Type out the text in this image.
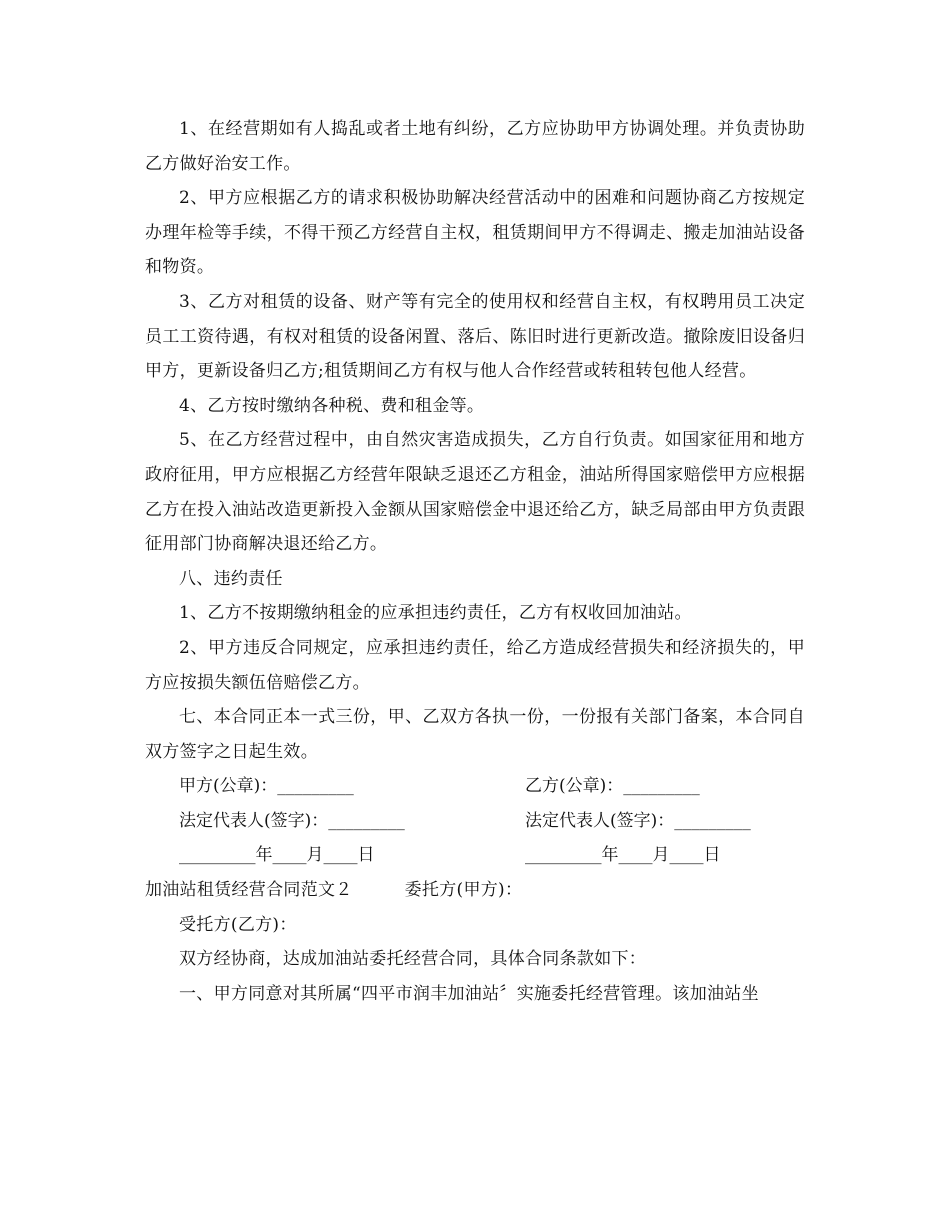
1、在经营期如有人捣乱或者土地有纠纷，乙方应协助甲方协调处理。并负责协助乙方做好治安工作。

2、甲方应根据乙方的请求积极协助解决经营活动中的困难和问题协商乙方按规定办理年检等手续，不得干预乙方经营自主权，租赁期间甲方不得调走、搬走加油站设备和物资。

3、乙方对租赁的设备、财产等有完全的使用权和经营自主权，有权聘用员工决定员工工资待遇，有权对租赁的设备闲置、落后、陈旧时进行更新改造。撤除废旧设备归甲方，更新设备归乙方;租赁期间乙方有权与他人合作经营或转租转包他人经营。

4、乙方按时缴纳各种税、费和租金等。

5、在乙方经营过程中，由自然灾害造成损失，乙方自行负责。如国家征用和地方政府征用，甲方应根据乙方经营年限缺乏退还乙方租金，油站所得国家赔偿甲方应根据乙方在投入油站改造更新投入金额从国家赔偿金中退还给乙方，缺乏局部由甲方负责跟征用部门协商解决退还给乙方。

八、违约责任

1、乙方不按期缴纳租金的应承担违约责任，乙方有权收回加油站。

2、甲方违反合同规定，应承担违约责任，给乙方造成经营损失和经济损失的，甲方应按损失额伍倍赔偿乙方。

七、本合同正本一式三份，甲、乙双方各执一份，一份报有关部门备案，本合同自双方签字之日起生效。

甲方(公章)：_________	乙方(公章)：_________
法定代表人(签字)：_________	法定代表人(签字)：_________
_________年____月____日	_________年____月____日

加油站租赁经营合同范文２	委托方(甲方)：

受托方(乙方)：

双方经协商，达成加油站委托经营合同，具体合同条款如下：

一、甲方同意对其所属“四平市润丰加油站〞实施委托经营管理。该加油站坐
